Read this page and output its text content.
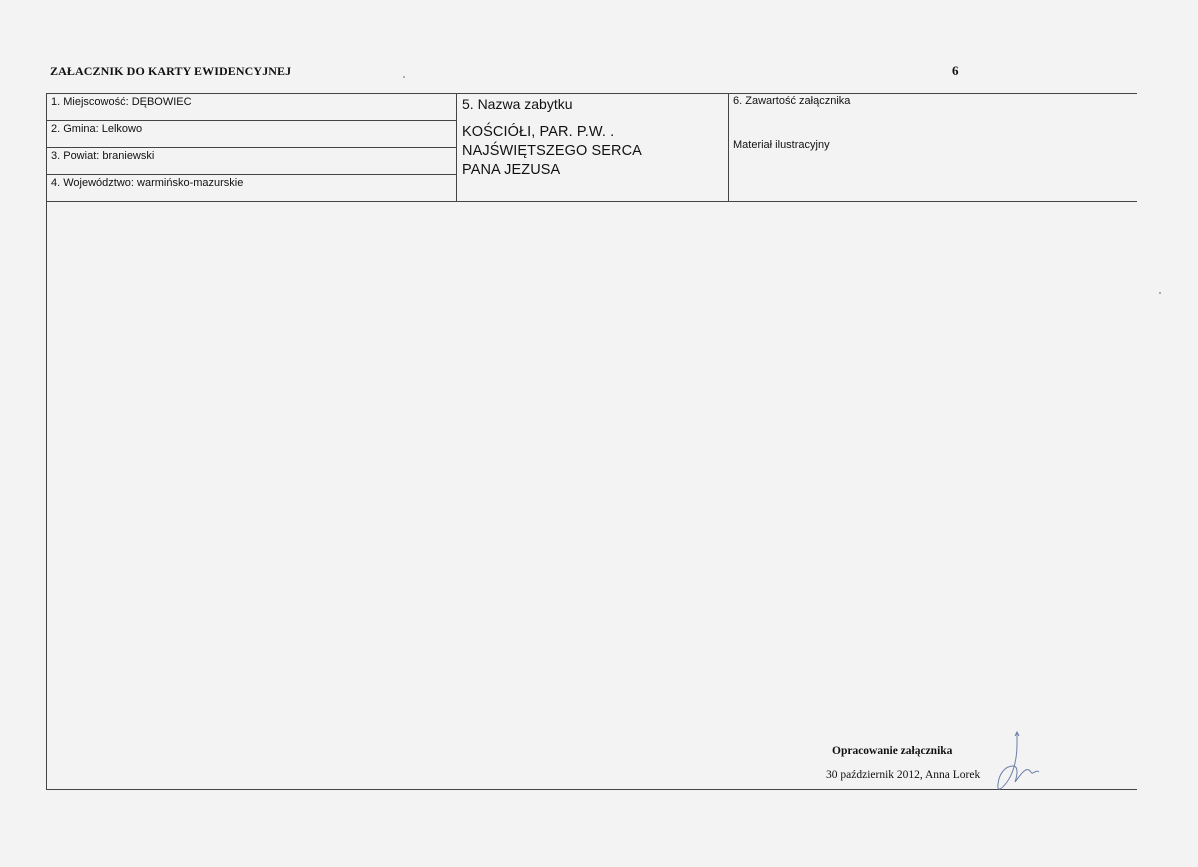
ZAŁACZNIK DO KARTY EWIDENCYJNEJ	6
1. Miejscowość: DĘBOWIEC
2. Gmina: Lelkowo
3. Powiat: braniewski
4. Województwo: warmińsko-mazurskie
5. Nazwa zabytku
KOŚCIÓŁI, PAR. P.W. .
NAJŚWIĘTSZEGO SERCA
PANA JEZUSA
6. Zawartość załącznika
Materiał ilustracyjny
Opracowanie załącznika
30 październik 2012, Anna Lorek
